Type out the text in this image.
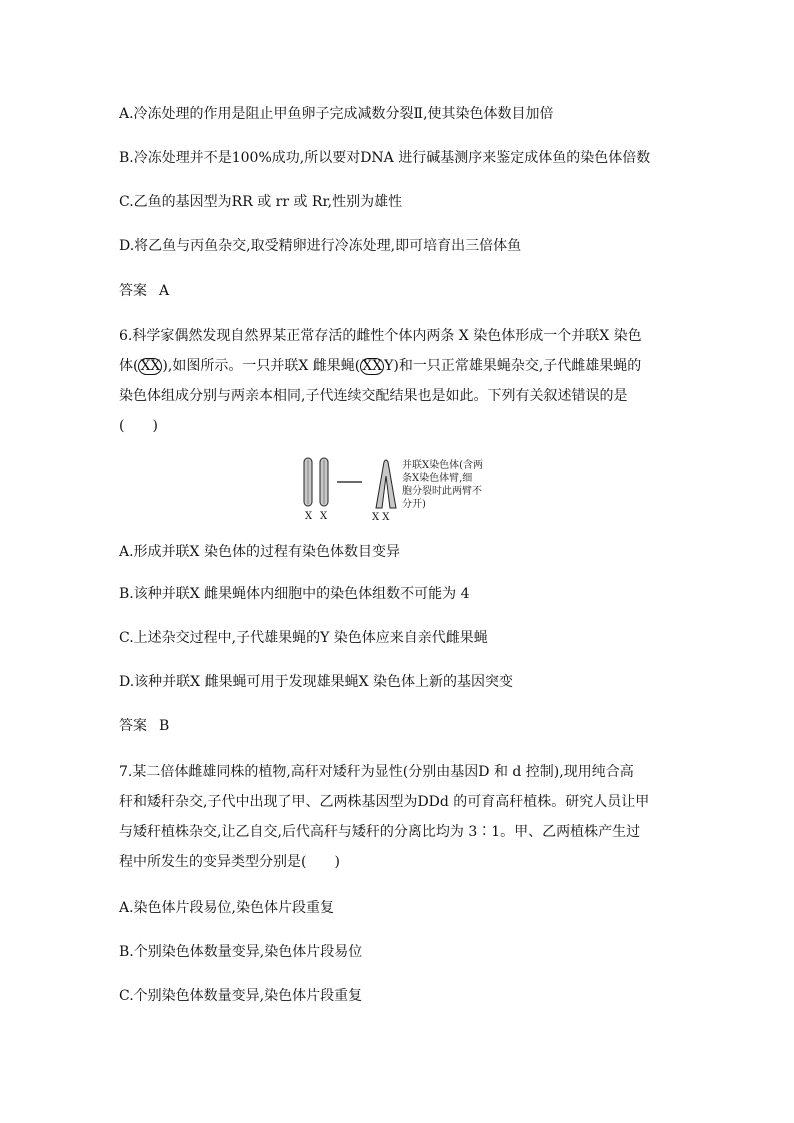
A.冷冻处理的作用是阻止甲鱼卵子完成减数分裂Ⅱ,使其染色体数目加倍

B.冷冻处理并不是100%成功,所以要对DNA 进行碱基测序来鉴定成体鱼的染色体倍数

C.乙鱼的基因型为RR 或 rr 或 Rr,性别为雄性

D.将乙鱼与丙鱼杂交,取受精卵进行冷冻处理,即可培育出三倍体鱼

答案 A

6.科学家偶然发现自然界某正常存活的雌性个体内两条 X 染色体形成一个并联X 染色

体( XX ),如图所示。一只并联X 雌果蝇( XX Y)和一只正常雄果蝇杂交,子代雌雄果蝇的

染色体组成分别与两亲本相同,子代连续交配结果也是如此。下列有关叙述错误的是

(　　)

X X	X X
并联X染色体(含两
条X染色体臂,细
胞分裂时此两臂不
分开)

A.形成并联X 染色体的过程有染色体数目变异

B.该种并联X 雌果蝇体内细胞中的染色体组数不可能为 4

C.上述杂交过程中,子代雄果蝇的Y 染色体应来自亲代雌果蝇

D.该种并联X 雌果蝇可用于发现雄果蝇X 染色体上新的基因突变

答案 B

7.某二倍体雌雄同株的植物,高秆对矮秆为显性(分别由基因D 和 d 控制),现用纯合高

秆和矮秆杂交,子代中出现了甲、乙两株基因型为DDd 的可育高秆植株。研究人员让甲

与矮秆植株杂交,让乙自交,后代高秆与矮秆的分离比均为 3∶1。甲、乙两植株产生过

程中所发生的变异类型分别是(　　)

A.染色体片段易位,染色体片段重复

B.个别染色体数量变异,染色体片段易位

C.个别染色体数量变异,染色体片段重复
